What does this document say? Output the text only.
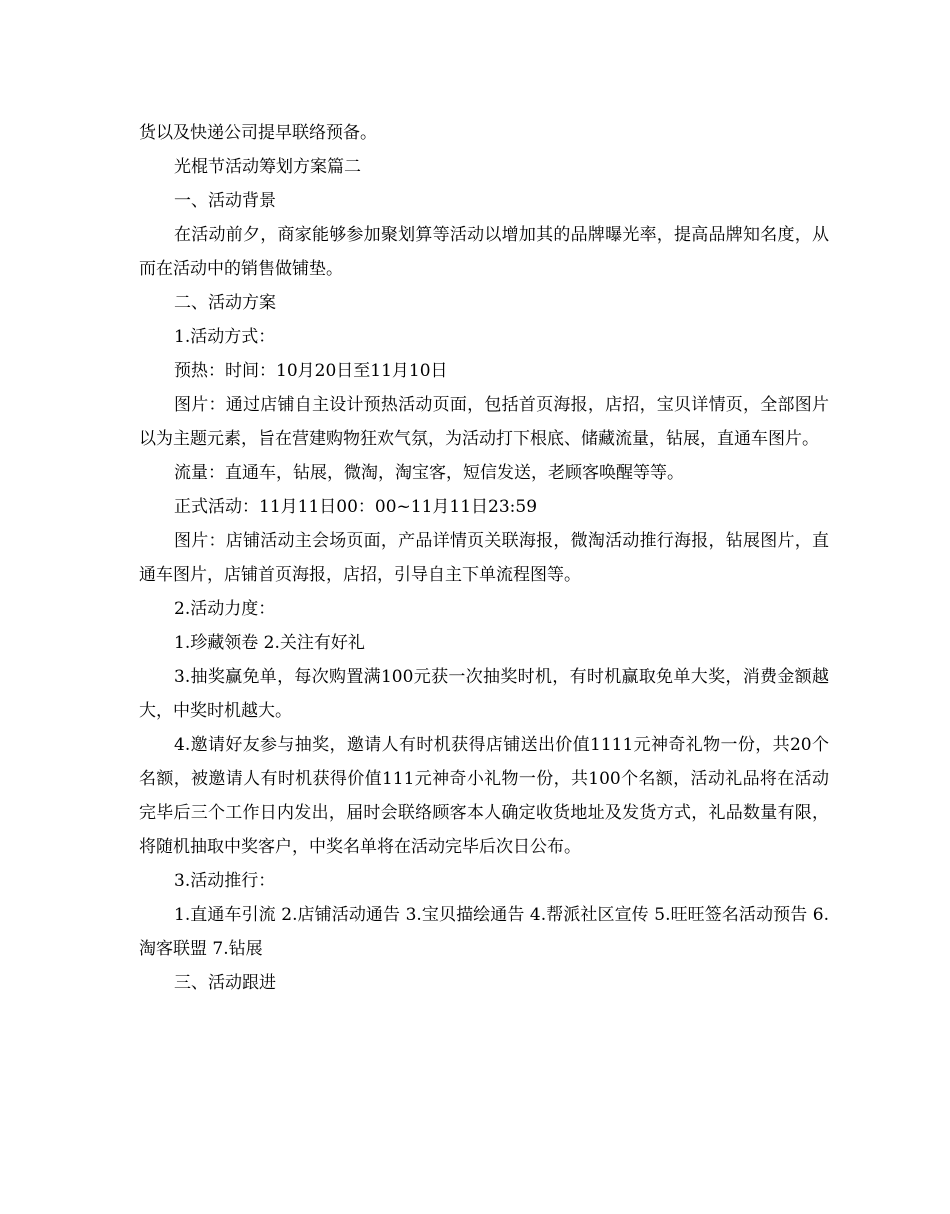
货以及快递公司提早联络预备。

光棍节活动筹划方案篇二

一、活动背景

在活动前夕，商家能够参加聚划算等活动以增加其的品牌曝光率，提高品牌知名度，从而在活动中的销售做铺垫。

二、活动方案

1.活动方式：

预热：时间：10月20日至11月10日

图片：通过店铺自主设计预热活动页面，包括首页海报，店招，宝贝详情页，全部图片以为主题元素，旨在营建购物狂欢气氛，为活动打下根底、储藏流量，钻展，直通车图片。

流量：直通车，钻展，微淘，淘宝客，短信发送，老顾客唤醒等等。

正式活动：11月11日00：00~11月11日23:59

图片：店铺活动主会场页面，产品详情页关联海报，微淘活动推行海报，钻展图片，直通车图片，店铺首页海报，店招，引导自主下单流程图等。

2.活动力度：

1.珍藏领卷 2.关注有好礼

3.抽奖赢免单，每次购置满100元获一次抽奖时机，有时机赢取免单大奖，消费金额越大，中奖时机越大。

4.邀请好友参与抽奖，邀请人有时机获得店铺送出价值1111元神奇礼物一份，共20个名额，被邀请人有时机获得价值111元神奇小礼物一份，共100个名额，活动礼品将在活动完毕后三个工作日内发出，届时会联络顾客本人确定收货地址及发货方式，礼品数量有限，将随机抽取中奖客户，中奖名单将在活动完毕后次日公布。

3.活动推行：

1.直通车引流 2.店铺活动通告 3.宝贝描绘通告 4.帮派社区宣传 5.旺旺签名活动预告 6.淘客联盟 7.钻展

三、活动跟进
